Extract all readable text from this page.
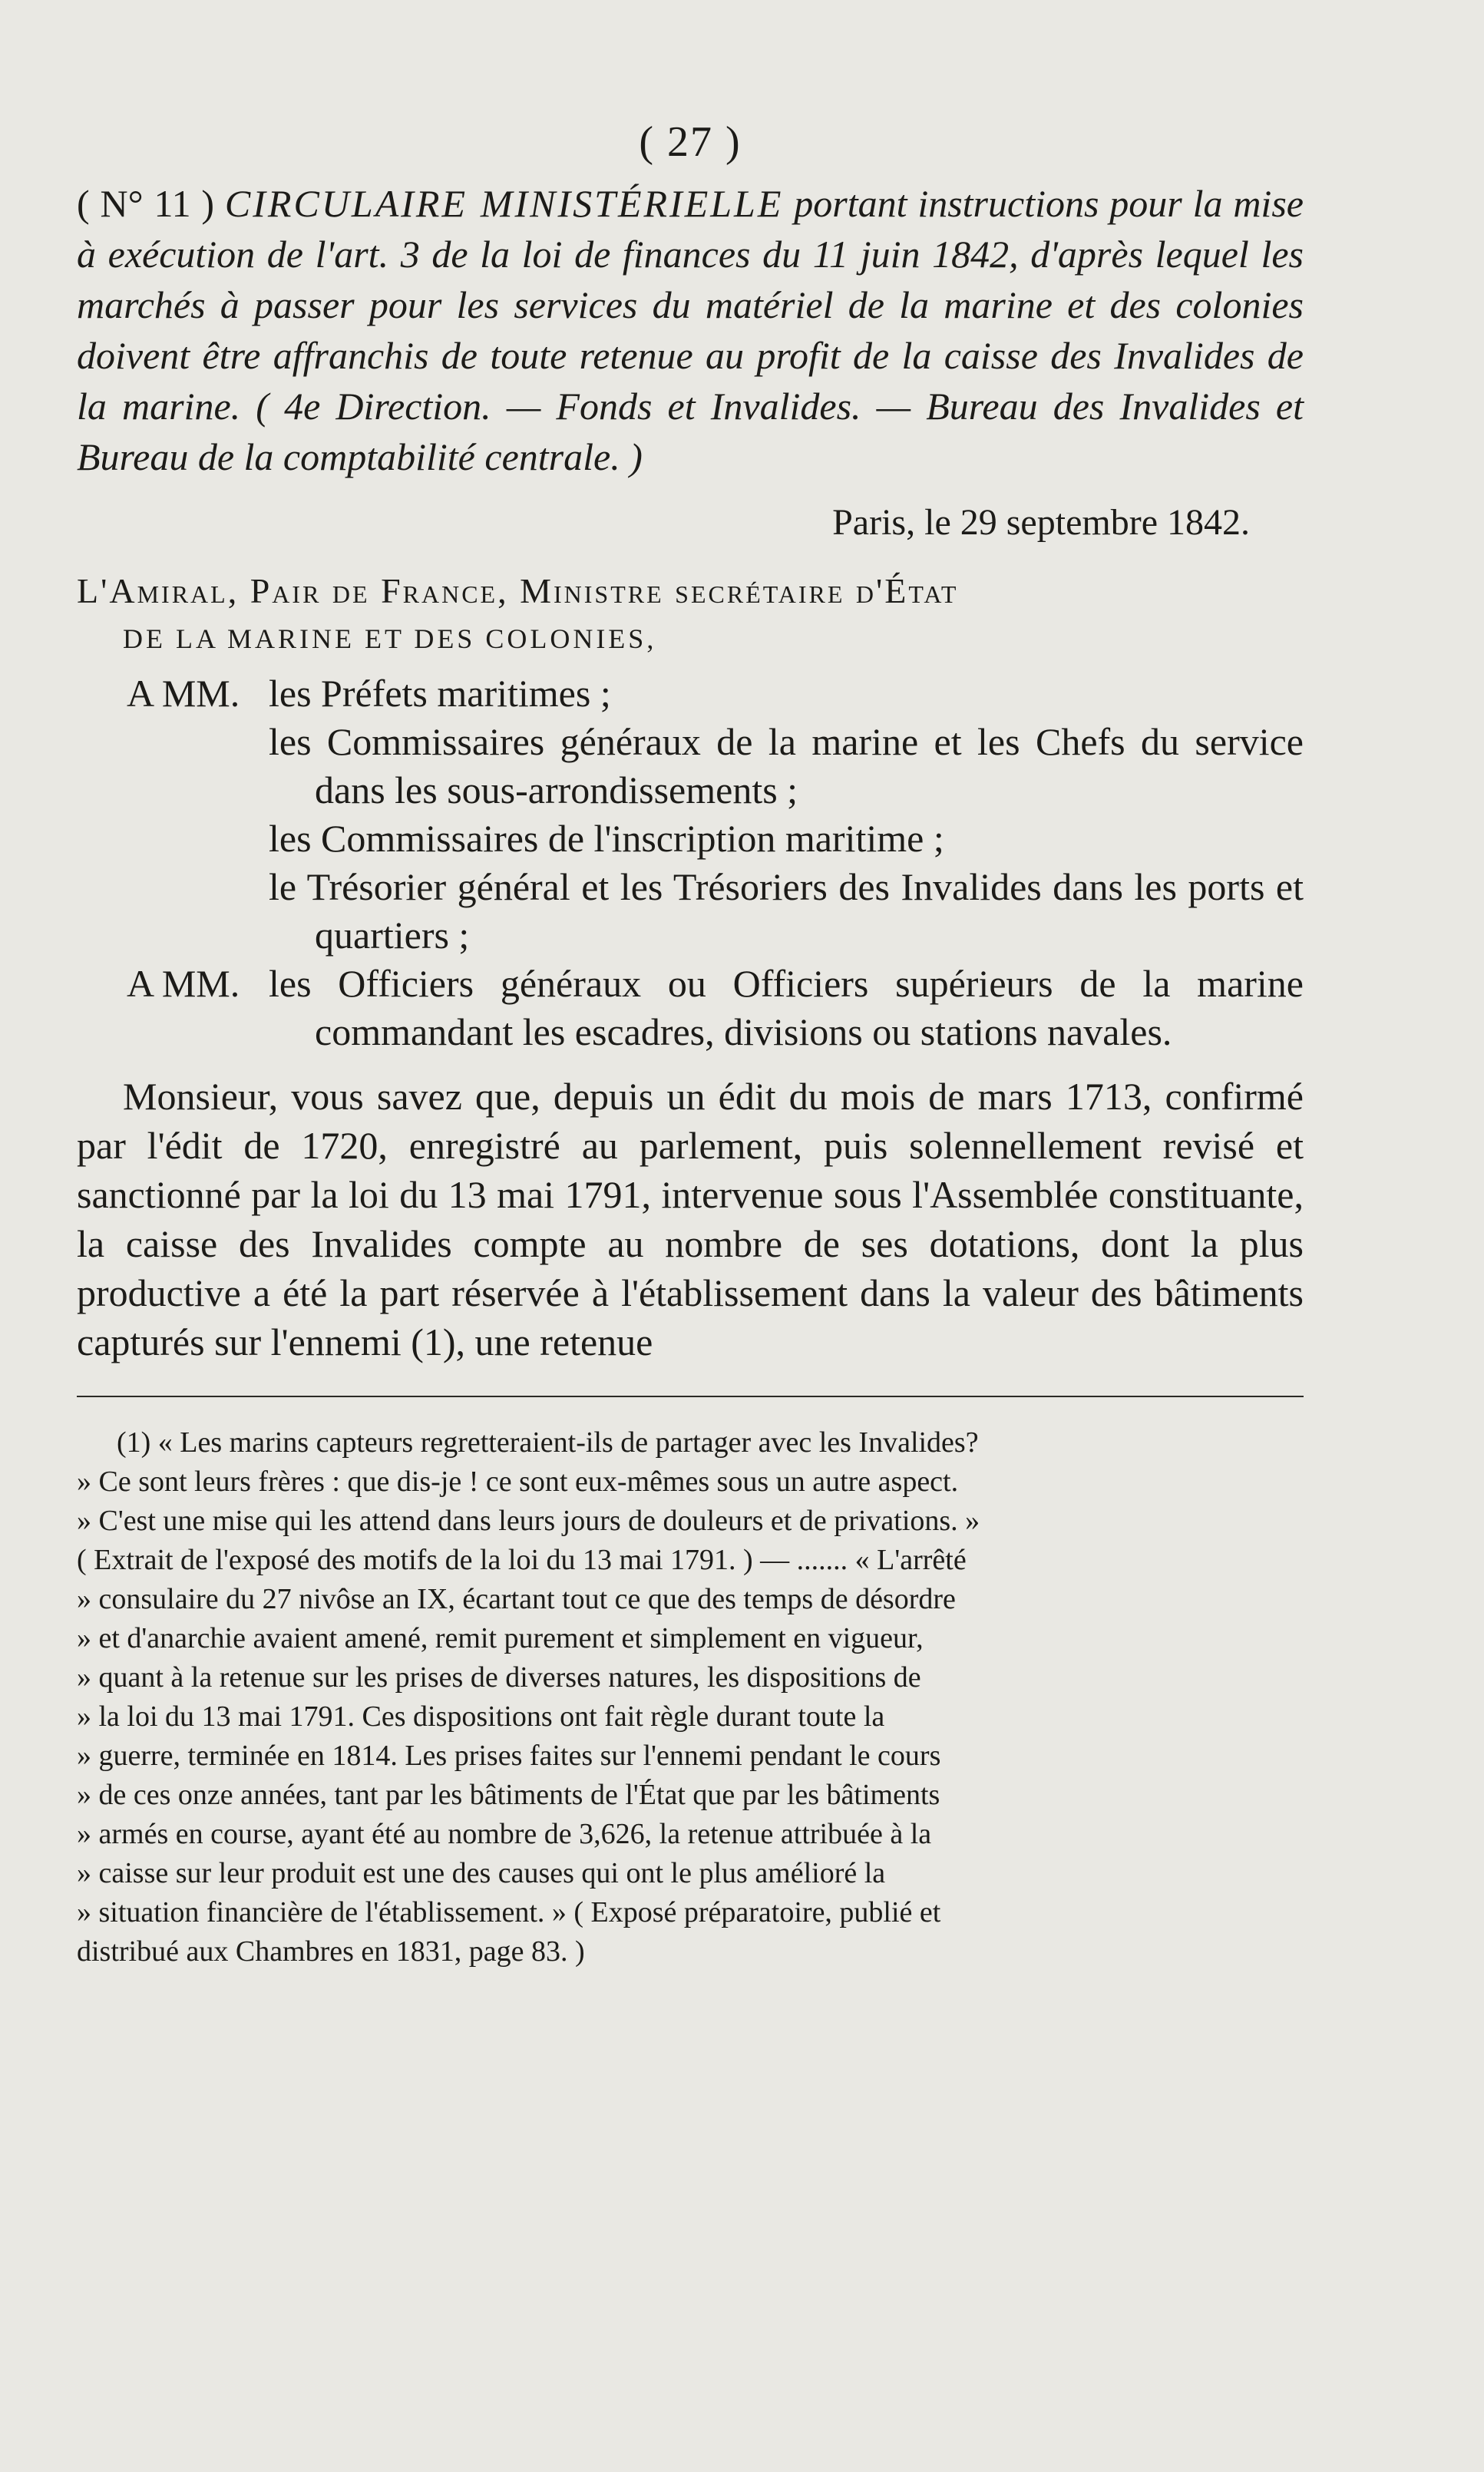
( 27 )

( N° 11 ) CIRCULAIRE MINISTÉRIELLE portant instructions pour la mise à exécution de l'art. 3 de la loi de finances du 11 juin 1842, d'après lequel les marchés à passer pour les services du matériel de la marine et des colonies doivent être affranchis de toute retenue au profit de la caisse des Invalides de la marine. ( 4e Direction. — Fonds et Invalides. — Bureau des Invalides et Bureau de la comptabilité centrale. )

Paris, le 29 septembre 1842.

L'Amiral, Pair de France, Ministre secrétaire d'État

DE LA MARINE ET DES COLONIES,

A MM. les Préfets maritimes ;
les Commissaires généraux de la marine et les Chefs du service dans les sous-arrondissements ;
les Commissaires de l'inscription maritime ;
le Trésorier général et les Trésoriers des Invalides dans les ports et quartiers ;
A MM. les Officiers généraux ou Officiers supérieurs de la marine commandant les escadres, divisions ou stations navales.

Monsieur, vous savez que, depuis un édit du mois de mars 1713, confirmé par l'édit de 1720, enregistré au parlement, puis solennellement revisé et sanctionné par la loi du 13 mai 1791, intervenue sous l'Assemblée constituante, la caisse des Invalides compte au nombre de ses dotations, dont la plus productive a été la part réservée à l'établissement dans la valeur des bâtiments capturés sur l'ennemi (1), une retenue

(1) « Les marins capteurs regretteraient-ils de partager avec les Invalides?
» Ce sont leurs frères : que dis-je ! ce sont eux-mêmes sous un autre aspect.
» C'est une mise qui les attend dans leurs jours de douleurs et de privations. »
( Extrait de l'exposé des motifs de la loi du 13 mai 1791. ) — ....... « L'arrêté
» consulaire du 27 nivôse an IX, écartant tout ce que des temps de désordre
» et d'anarchie avaient amené, remit purement et simplement en vigueur,
» quant à la retenue sur les prises de diverses natures, les dispositions de
» la loi du 13 mai 1791. Ces dispositions ont fait règle durant toute la
» guerre, terminée en 1814. Les prises faites sur l'ennemi pendant le cours
» de ces onze années, tant par les bâtiments de l'État que par les bâtiments
» armés en course, ayant été au nombre de 3,626, la retenue attribuée à la
» caisse sur leur produit est une des causes qui ont le plus amélioré la
» situation financière de l'établissement. » ( Exposé préparatoire, publié et
distribué aux Chambres en 1831, page 83. )
